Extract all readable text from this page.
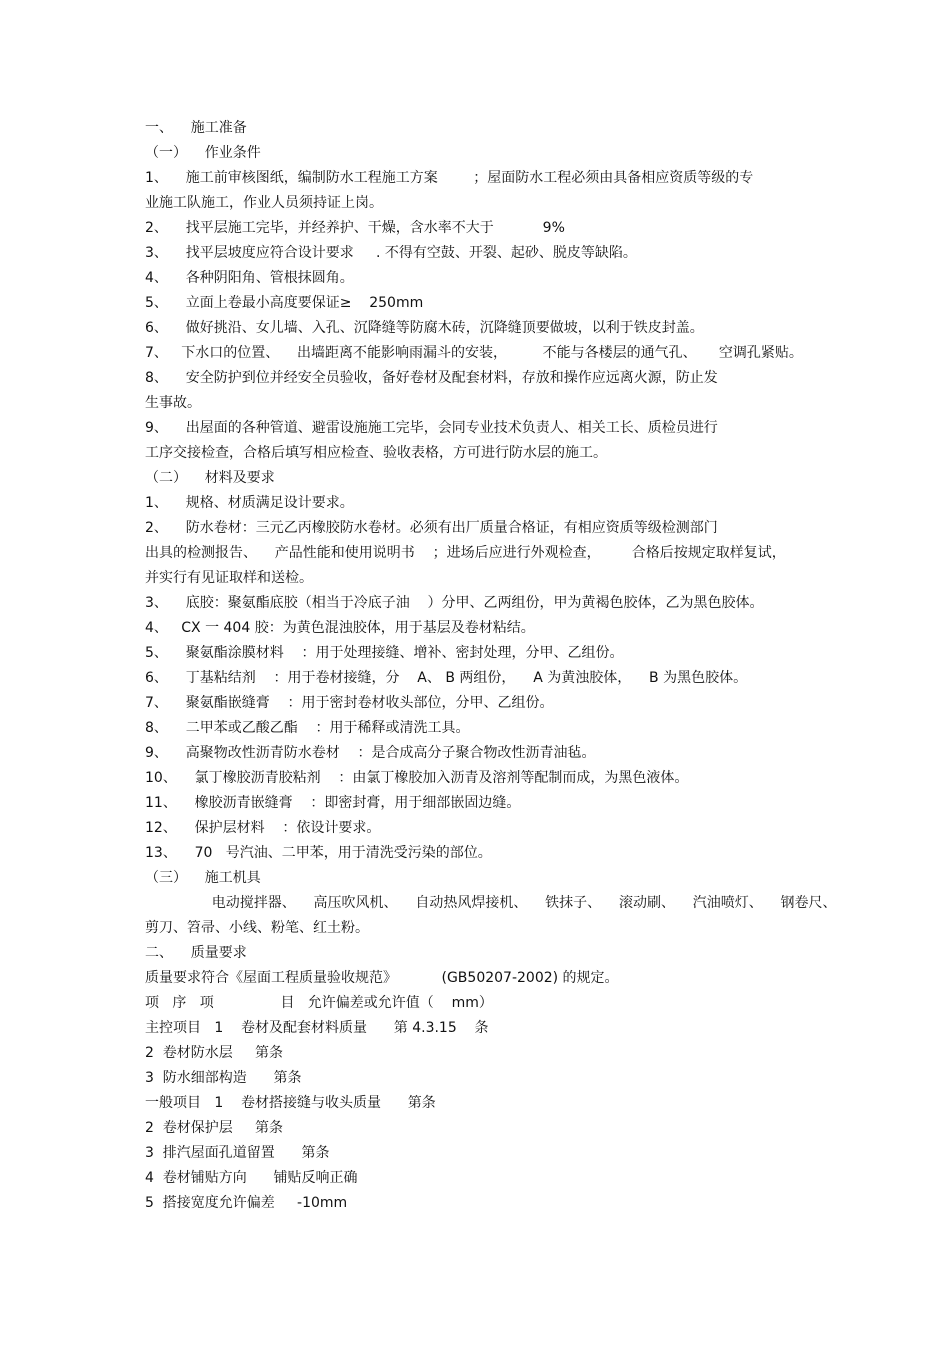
一、    施工准备
（一）    作业条件
1、    施工前审核图纸，编制防水工程施工方案        ；屋面防水工程必须由具备相应资质等级的专
业施工队施工，作业人员须持证上岗。
2、    找平层施工完毕，并经养护、干燥，含水率不大于           9%
3、    找平层坡度应符合设计要求     . 不得有空鼓、开裂、起砂、脱皮等缺陷。
4、    各种阴阳角、管根抹圆角。
5、    立面上卷最小高度要保证≥    250mm
6、    做好挑沿、女儿墙、入孔、沉降缝等防腐木砖，沉降缝顶要做坡，以利于铁皮封盖。
7、   下水口的位置、    出墙距离不能影响雨漏斗的安装，        不能与各楼层的通气孔、     空调孔紧贴。
8、    安全防护到位并经安全员验收，备好卷材及配套材料，存放和操作应远离火源，防止发
生事故。
9、    出屋面的各种管道、避雷设施施工完毕，会同专业技术负责人、相关工长、质检员进行
工序交接检查，合格后填写相应检查、验收表格，方可进行防水层的施工。
（二）    材料及要求
1、    规格、材质满足设计要求。
2、    防水卷材：三元乙丙橡胶防水卷材。必须有出厂质量合格证，有相应资质等级检测部门
出具的检测报告、    产品性能和使用说明书    ；进场后应进行外观检查，       合格后按规定取样复试，
并实行有见证取样和送检。
3、    底胶：聚氨酯底胶（相当于冷底子油    ）分甲、乙两组份，甲为黄褐色胶体，乙为黑色胶体。
4、   CX 一 404 胶：为黄色混浊胶体，用于基层及卷材粘结。
5、    聚氨酯涂膜材料    ：用于处理接缝、增补、密封处理，分甲、乙组份。
6、    丁基粘结剂    ：用于卷材接缝，分    A、 B 两组份，    A 为黄浊胶体，    B 为黑色胶体。
7、    聚氨酯嵌缝膏    ：用于密封卷材收头部位，分甲、乙组份。
8、    二甲苯或乙酸乙酯    ：用于稀释或清洗工具。
9、    高聚物改性沥青防水卷材    ：是合成高分子聚合物改性沥青油毡。
10、    氯丁橡胶沥青胶粘剂    ：由氯丁橡胶加入沥青及溶剂等配制而成，为黑色液体。
11、    橡胶沥青嵌缝膏    ：即密封膏，用于细部嵌固边缝。
12、    保护层材料    ：依设计要求。
13、    70   号汽油、二甲苯，用于清洗受污染的部位。
（三）    施工机具
电动搅拌器、    高压吹风机、    自动热风焊接机、    铁抹子、    滚动刷、    汽油喷灯、    钢卷尺、
剪刀、笤帚、小线、粉笔、红土粉。
二、    质量要求
质量要求符合《屋面工程质量验收规范》          (GB50207-2002) 的规定。
项   序   项               目   允许偏差或允许值（    mm）
主控项目   1    卷材及配套材料质量      第 4.3.15    条
2  卷材防水层     第条
3  防水细部构造      第条
一般项目   1    卷材搭接缝与收头质量      第条
2  卷材保护层     第条
3  排汽屋面孔道留置      第条
4  卷材铺贴方向      铺贴反响正确
5  搭接宽度允许偏差     -10mm
